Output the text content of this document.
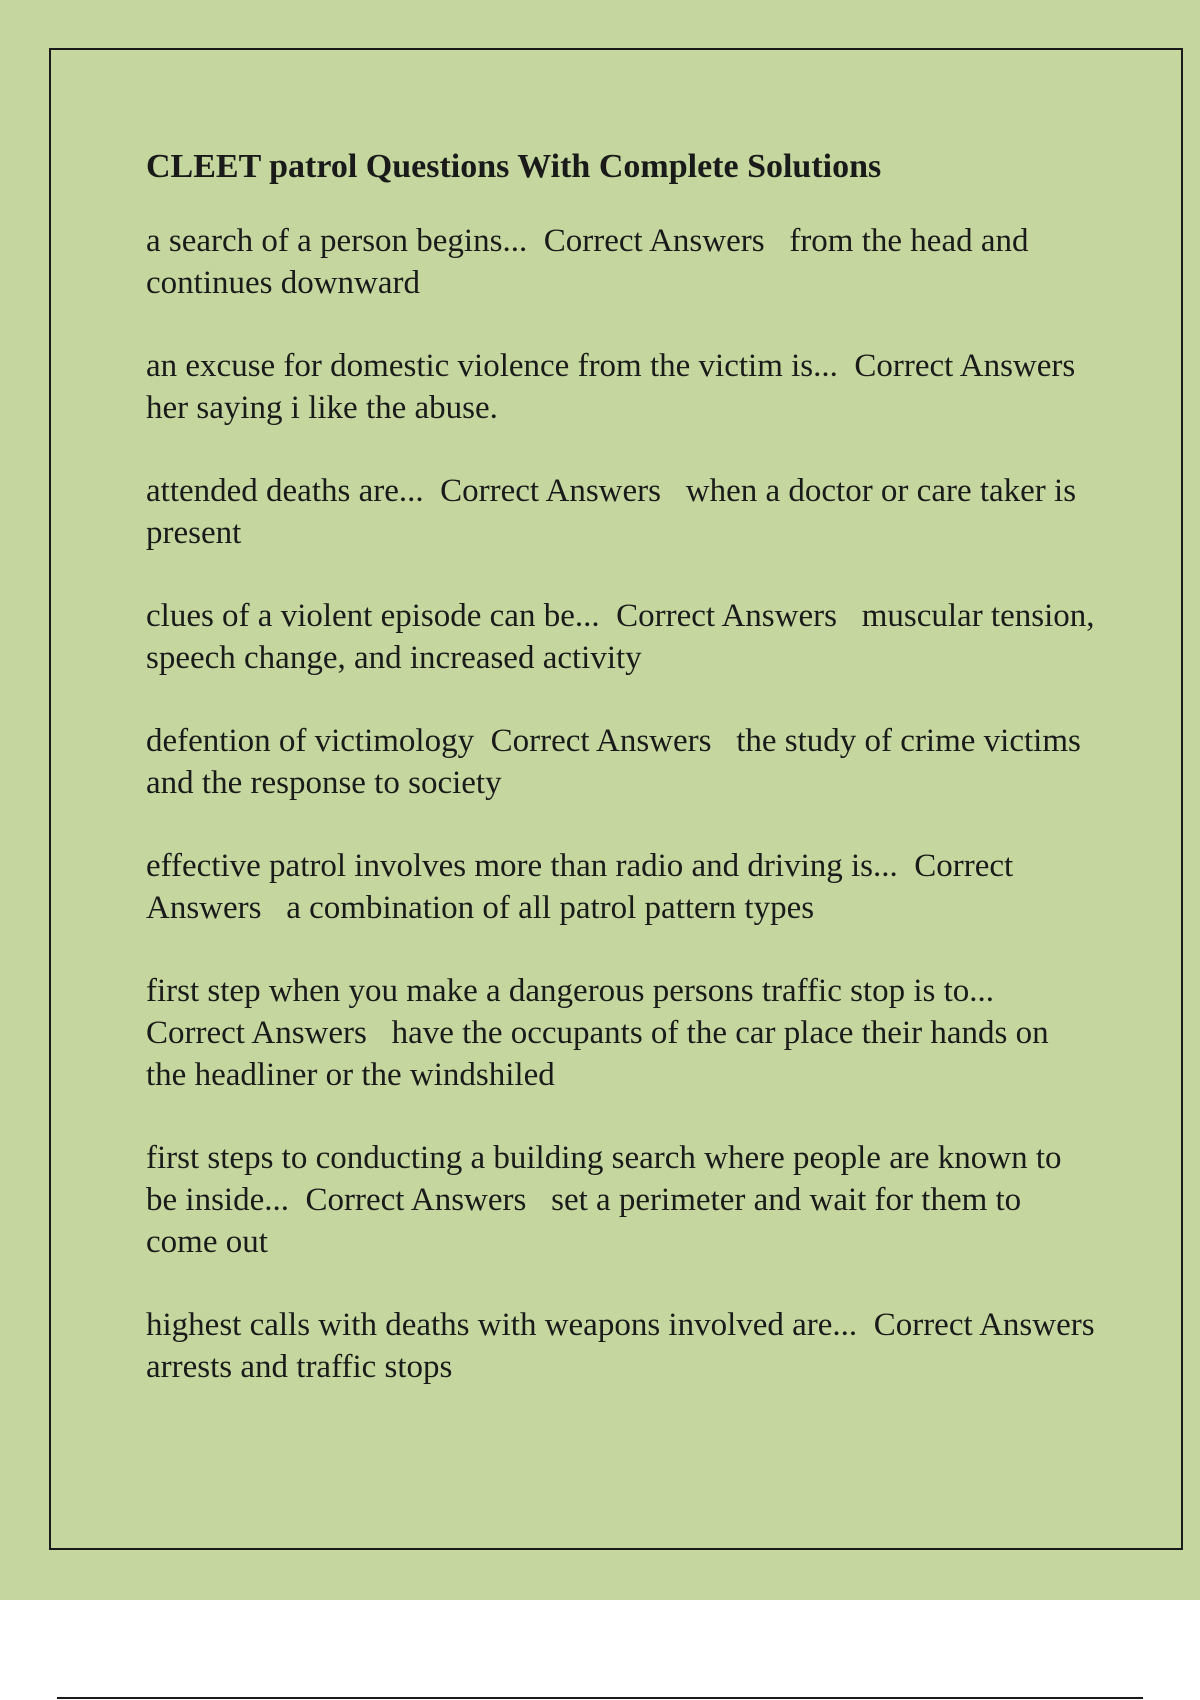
CLEET patrol Questions With Complete Solutions

a search of a person begins...  Correct Answers   from the head and continues downward

an excuse for domestic violence from the victim is...  Correct Answers   her saying i like the abuse.

attended deaths are...  Correct Answers   when a doctor or care taker is present

clues of a violent episode can be...  Correct Answers   muscular tension, speech change, and increased activity

defention of victimology  Correct Answers   the study of crime victims and the response to society

effective patrol involves more than radio and driving is...  Correct Answers   a combination of all patrol pattern types

first step when you make a dangerous persons traffic stop is to...  Correct Answers   have the occupants of the car place their hands on the headliner or the windshiled

first steps to conducting a building search where people are known to be inside...  Correct Answers   set a perimeter and wait for them to come out

highest calls with deaths with weapons involved are...  Correct Answers   arrests and traffic stops
